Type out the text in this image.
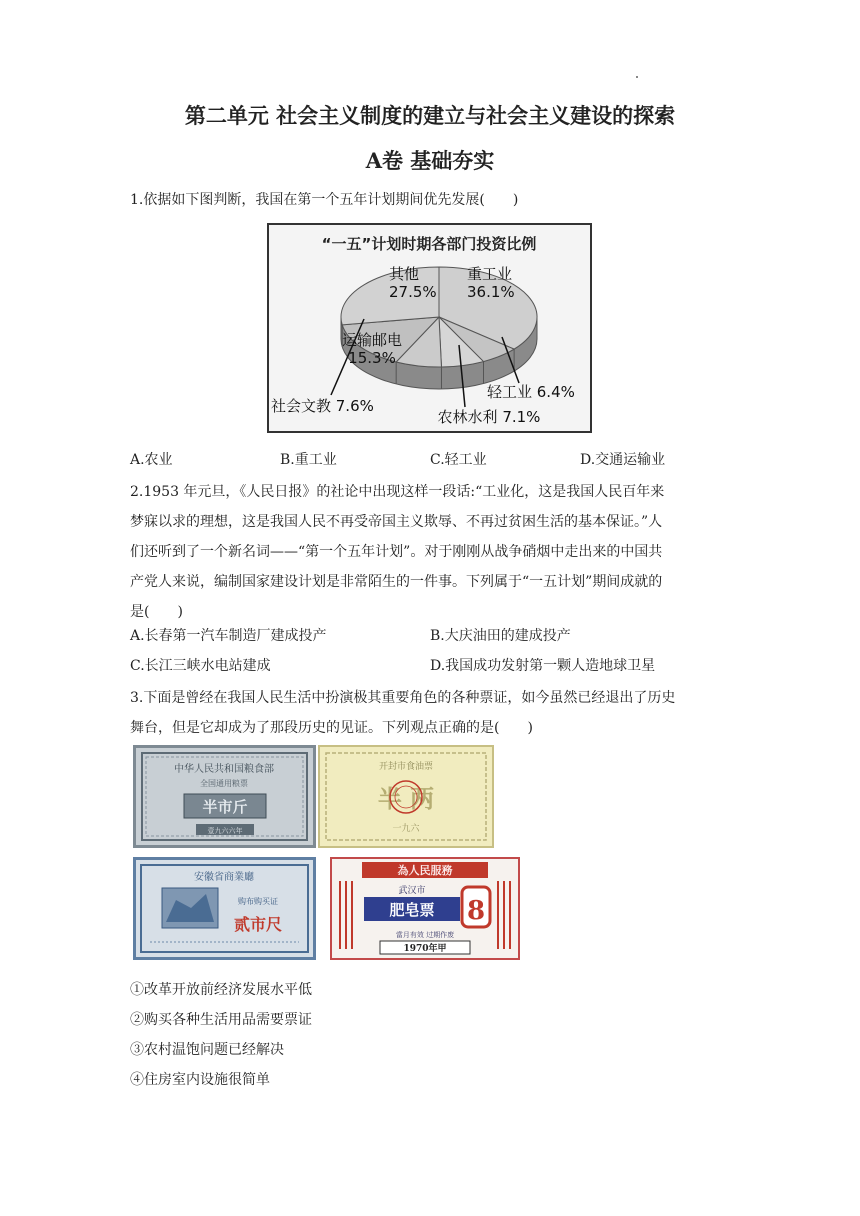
第二单元 社会主义制度的建立与社会主义建设的探索
A卷 基础夯实
1.依据如下图判断，我国在第一个五年计划期间优先发展(　　)
“一五”计划时期各部门投资比例
重工业
36.1%
轻工业 6.4%
农林水利 7.1%
社会文教 7.6%
运输邮电
15.3%
其他
27.5%
A.农业	B.重工业	C.轻工业	D.交通运输业
2.1953 年元旦，《人民日报》的社论中出现这样一段话:“工业化，这是我国人民百年来
梦寐以求的理想，这是我国人民不再受帝国主义欺辱、不再过贫困生活的基本保证。”人
们还听到了一个新名词——“第一个五年计划”。对于刚刚从战争硝烟中走出来的中国共
产党人来说，编制国家建设计划是非常陌生的一件事。下列属于“一五计划”期间成就的
是(　　)
A.长春第一汽车制造厂建成投产	B.大庆油田的建成投产
C.长江三峡水电站建成	D.我国成功发射第一颗人造地球卫星
3.下面是曾经在我国人民生活中扮演极其重要角色的各种票证，如今虽然已经退出了历史
舞台，但是它却成为了那段历史的见证。下列观点正确的是(　　)
中华人民共和国粮食部
全国通用粮票
半市斤
壹九六六年
开封市食油票
半 两
一九六
安徽省商業廳
购布购买证
贰市尺
為人民服務
武汉市
肥皂票 8
當月有效 过期作废
1970年甲
①改革开放前经济发展水平低
②购买各种生活用品需要票证
③农村温饱问题已经解决
④住房室内设施很简单
